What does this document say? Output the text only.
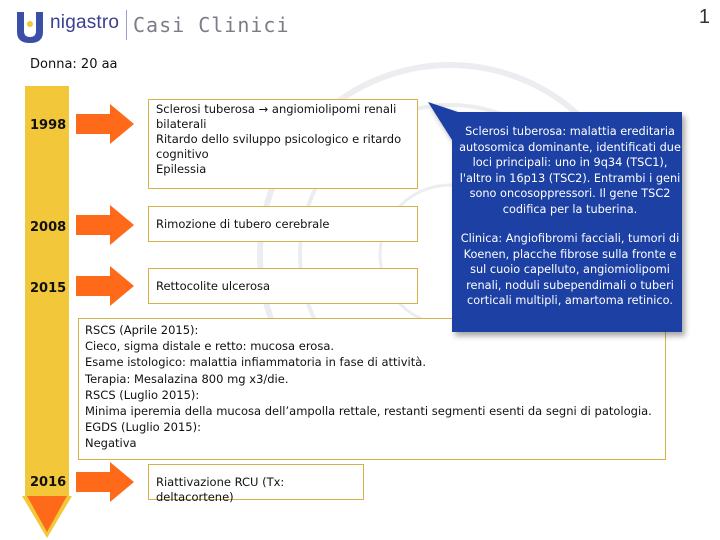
nigastro Casi Clinici	1
Donna: 20 aa
1998
2008
2015
2016
Sclerosi tuberosa → angiomiolipomi renali bilaterali
Ritardo dello sviluppo psicologico e ritardo cognitivo
Epilessia
Rimozione di tubero cerebrale
Rettocolite ulcerosa
Riattivazione RCU (Tx: deltacortene)
RSCS (Aprile 2015):
Cieco, sigma distale e retto: mucosa erosa.
Esame istologico: malattia infiammatoria in fase di attività.
Terapia: Mesalazina 800 mg x3/die.
RSCS (Luglio 2015):
Minima iperemia della mucosa dell’ampolla rettale, restanti segmenti esenti da segni di patologia.
EGDS (Luglio 2015):
Negativa

Sclerosi tuberosa: malattia ereditaria autosomica dominante, identificati due loci principali: uno in 9q34 (TSC1), l'altro in 16p13 (TSC2). Entrambi i geni sono oncosoppressori. Il gene TSC2 codifica per la tuberina.

Clinica: Angiofibromi facciali, tumori di Koenen, placche fibrose sulla fronte e sul cuoio capelluto, angiomiolipomi renali, noduli subependimali o tuberi corticali multipli, amartoma retinico.
